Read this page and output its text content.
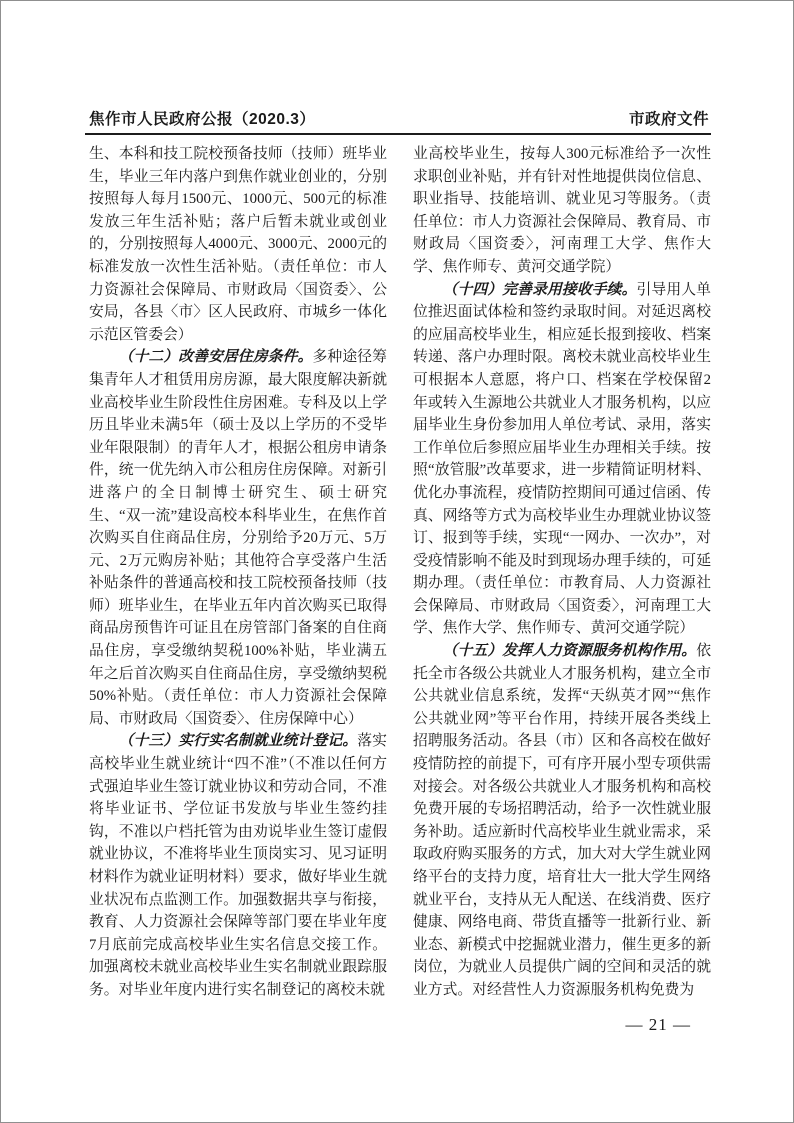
焦作市人民政府公报（2020.3）	市政府文件

生、本科和技工院校预备技师（技师）班毕业生，毕业三年内落户到焦作就业创业的，分别按照每人每月1500元、1000元、500元的标准发放三年生活补贴；落户后暂未就业或创业的，分别按照每人4000元、3000元、2000元的标准发放一次性生活补贴。（责任单位：市人力资源社会保障局、市财政局〈国资委〉、公安局，各县〈市〉区人民政府、市城乡一体化示范区管委会）

（十二）改善安居住房条件。多种途径筹集青年人才租赁用房房源，最大限度解决新就业高校毕业生阶段性住房困难。专科及以上学历且毕业未满5年（硕士及以上学历的不受毕业年限限制）的青年人才，根据公租房申请条件，统一优先纳入市公租房住房保障。对新引进落户的全日制博士研究生、硕士研究生、“双一流”建设高校本科毕业生，在焦作首次购买自住商品住房，分别给予20万元、5万元、2万元购房补贴；其他符合享受落户生活补贴条件的普通高校和技工院校预备技师（技师）班毕业生，在毕业五年内首次购买已取得商品房预售许可证且在房管部门备案的自住商品住房，享受缴纳契税100%补贴，毕业满五年之后首次购买自住商品住房，享受缴纳契税50%补贴。（责任单位：市人力资源社会保障局、市财政局〈国资委〉、住房保障中心）

（十三）实行实名制就业统计登记。落实高校毕业生就业统计“四不准”（不准以任何方式强迫毕业生签订就业协议和劳动合同，不准将毕业证书、学位证书发放与毕业生签约挂钩，不准以户档托管为由劝说毕业生签订虚假就业协议，不准将毕业生顶岗实习、见习证明材料作为就业证明材料）要求，做好毕业生就业状况布点监测工作。加强数据共享与衔接，教育、人力资源社会保障等部门要在毕业年度7月底前完成高校毕业生实名信息交接工作。加强离校未就业高校毕业生实名制就业跟踪服务。对毕业年度内进行实名制登记的离校未就

业高校毕业生，按每人300元标准给予一次性求职创业补贴，并有针对性地提供岗位信息、职业指导、技能培训、就业见习等服务。（责任单位：市人力资源社会保障局、教育局、市财政局〈国资委〉，河南理工大学、焦作大学、焦作师专、黄河交通学院）

（十四）完善录用接收手续。引导用人单位推迟面试体检和签约录取时间。对延迟离校的应届高校毕业生，相应延长报到接收、档案转递、落户办理时限。离校未就业高校毕业生可根据本人意愿，将户口、档案在学校保留2年或转入生源地公共就业人才服务机构，以应届毕业生身份参加用人单位考试、录用，落实工作单位后参照应届毕业生办理相关手续。按照“放管服”改革要求，进一步精简证明材料、优化办事流程，疫情防控期间可通过信函、传真、网络等方式为高校毕业生办理就业协议签订、报到等手续，实现“一网办、一次办”，对受疫情影响不能及时到现场办理手续的，可延期办理。（责任单位：市教育局、人力资源社会保障局、市财政局〈国资委〉，河南理工大学、焦作大学、焦作师专、黄河交通学院）

（十五）发挥人力资源服务机构作用。依托全市各级公共就业人才服务机构，建立全市公共就业信息系统，发挥“天纵英才网”“焦作公共就业网”等平台作用，持续开展各类线上招聘服务活动。各县（市）区和各高校在做好疫情防控的前提下，可有序开展小型专项供需对接会。对各级公共就业人才服务机构和高校免费开展的专场招聘活动，给予一次性就业服务补助。适应新时代高校毕业生就业需求，采取政府购买服务的方式，加大对大学生就业网络平台的支持力度，培育壮大一批大学生网络就业平台，支持从无人配送、在线消费、医疗健康、网络电商、带货直播等一批新行业、新业态、新模式中挖掘就业潜力，催生更多的新岗位，为就业人员提供广阔的空间和灵活的就业方式。对经营性人力资源服务机构免费为

— 21 —
